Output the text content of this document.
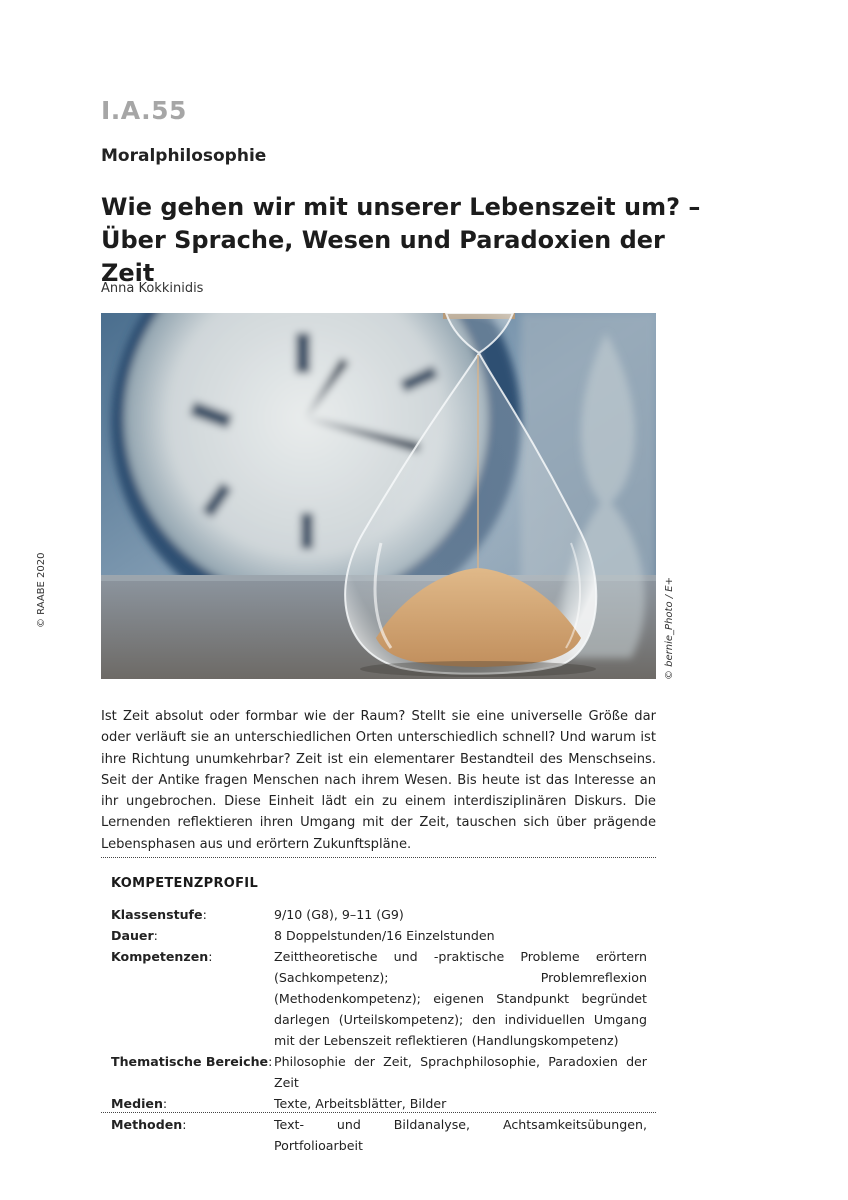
I.A.55
Moralphilosophie
Wie gehen wir mit unserer Lebenszeit um? –
Über Sprache, Wesen und Paradoxien der Zeit
Anna Kokkinidis
© bernie_Photo / E+
© RAABE 2020

Ist Zeit absolut oder formbar wie der Raum? Stellt sie eine universelle Größe dar oder verläuft sie an unterschiedlichen Orten unterschiedlich schnell? Und warum ist ihre Richtung unumkehrbar? Zeit ist ein elementarer Bestandteil des Menschseins. Seit der Antike fragen Menschen nach ihrem Wesen. Bis heute ist das Interesse an ihr ungebrochen. Diese Einheit lädt ein zu einem interdisziplinären Diskurs. Die Lernenden reflektieren ihren Umgang mit der Zeit, tauschen sich über prägende Lebensphasen aus und erörtern Zukunftspläne.

KOMPETENZPROFIL
Klassenstufe:	9/10 (G8), 9–11 (G9)
Dauer:	8 Doppelstunden/16 Einzelstunden
Kompetenzen:	Zeittheoretische und -praktische Probleme erörtern (Sachkompetenz); Problemreflexion (Methodenkompetenz); eigenen Standpunkt begründet darlegen (Urteilskompetenz); den individuellen Umgang mit der Lebenszeit reflektieren (Handlungskompetenz)
Thematische Bereiche:	Philosophie der Zeit, Sprachphilosophie, Paradoxien der Zeit
Medien:	Texte, Arbeitsblätter, Bilder
Methoden:	Text- und Bildanalyse, Achtsamkeitsübungen, Portfolioarbeit
